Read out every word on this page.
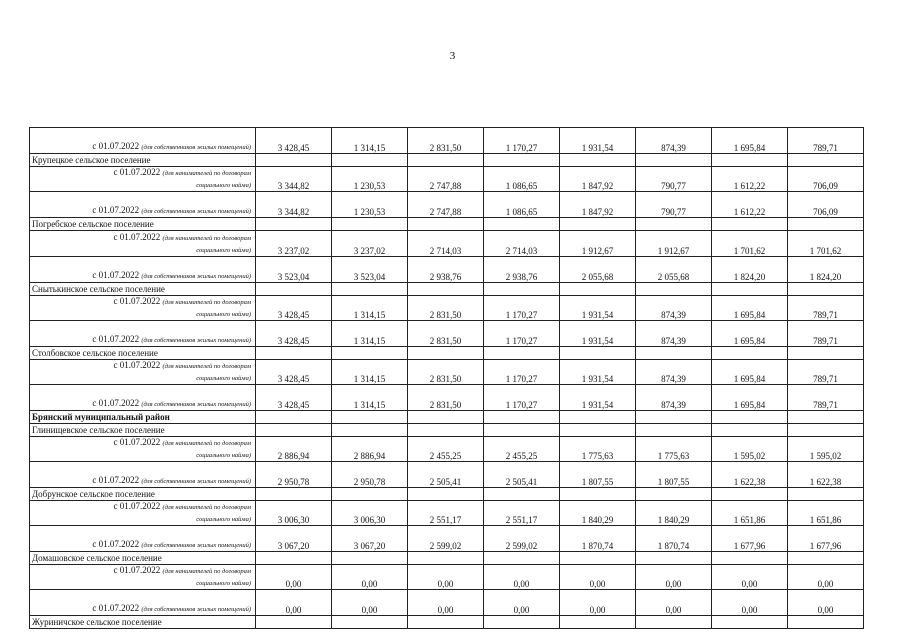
3
с 01.07.2022 (для собственников жилых помещений)	3 428,45	1 314,15	2 831,50	1 170,27	1 931,54	874,39	1 695,84	789,71
Крупецкое сельское поселение								
с 01.07.2022 (для нанимателей по договорам
социального найма)	3 344,82	1 230,53	2 747,88	1 086,65	1 847,92	790,77	1 612,22	706,09
с 01.07.2022 (для собственников жилых помещений)	3 344,82	1 230,53	2 747,88	1 086,65	1 847,92	790,77	1 612,22	706,09
Погребское сельское поселение								
с 01.07.2022 (для нанимателей по договорам
социального найма)	3 237,02	3 237,02	2 714,03	2 714,03	1 912,67	1 912,67	1 701,62	1 701,62
с 01.07.2022 (для собственников жилых помещений)	3 523,04	3 523,04	2 938,76	2 938,76	2 055,68	2 055,68	1 824,20	1 824,20
Снытькинское сельское поселение								
с 01.07.2022 (для нанимателей по договорам
социального найма)	3 428,45	1 314,15	2 831,50	1 170,27	1 931,54	874,39	1 695,84	789,71
с 01.07.2022 (для собственников жилых помещений)	3 428,45	1 314,15	2 831,50	1 170,27	1 931,54	874,39	1 695,84	789,71
Столбовское сельское поселение								
с 01.07.2022 (для нанимателей по договорам
социального найма)	3 428,45	1 314,15	2 831,50	1 170,27	1 931,54	874,39	1 695,84	789,71
с 01.07.2022 (для собственников жилых помещений)	3 428,45	1 314,15	2 831,50	1 170,27	1 931,54	874,39	1 695,84	789,71
Брянский муниципальный район								
Глинищевское сельское поселение								
с 01.07.2022 (для нанимателей по договорам
социального найма)	2 886,94	2 886,94	2 455,25	2 455,25	1 775,63	1 775,63	1 595,02	1 595,02
с 01.07.2022 (для собственников жилых помещений)	2 950,78	2 950,78	2 505,41	2 505,41	1 807,55	1 807,55	1 622,38	1 622,38
Добрунское сельское поселение								
с 01.07.2022 (для нанимателей по договорам
социального найма)	3 006,30	3 006,30	2 551,17	2 551,17	1 840,29	1 840,29	1 651,86	1 651,86
с 01.07.2022 (для собственников жилых помещений)	3 067,20	3 067,20	2 599,02	2 599,02	1 870,74	1 870,74	1 677,96	1 677,96
Домашовское сельское поселение								
с 01.07.2022 (для нанимателей по договорам
социального найма)	0,00	0,00	0,00	0,00	0,00	0,00	0,00	0,00
с 01.07.2022 (для собственников жилых помещений)	0,00	0,00	0,00	0,00	0,00	0,00	0,00	0,00
Журиничское сельское поселение								
